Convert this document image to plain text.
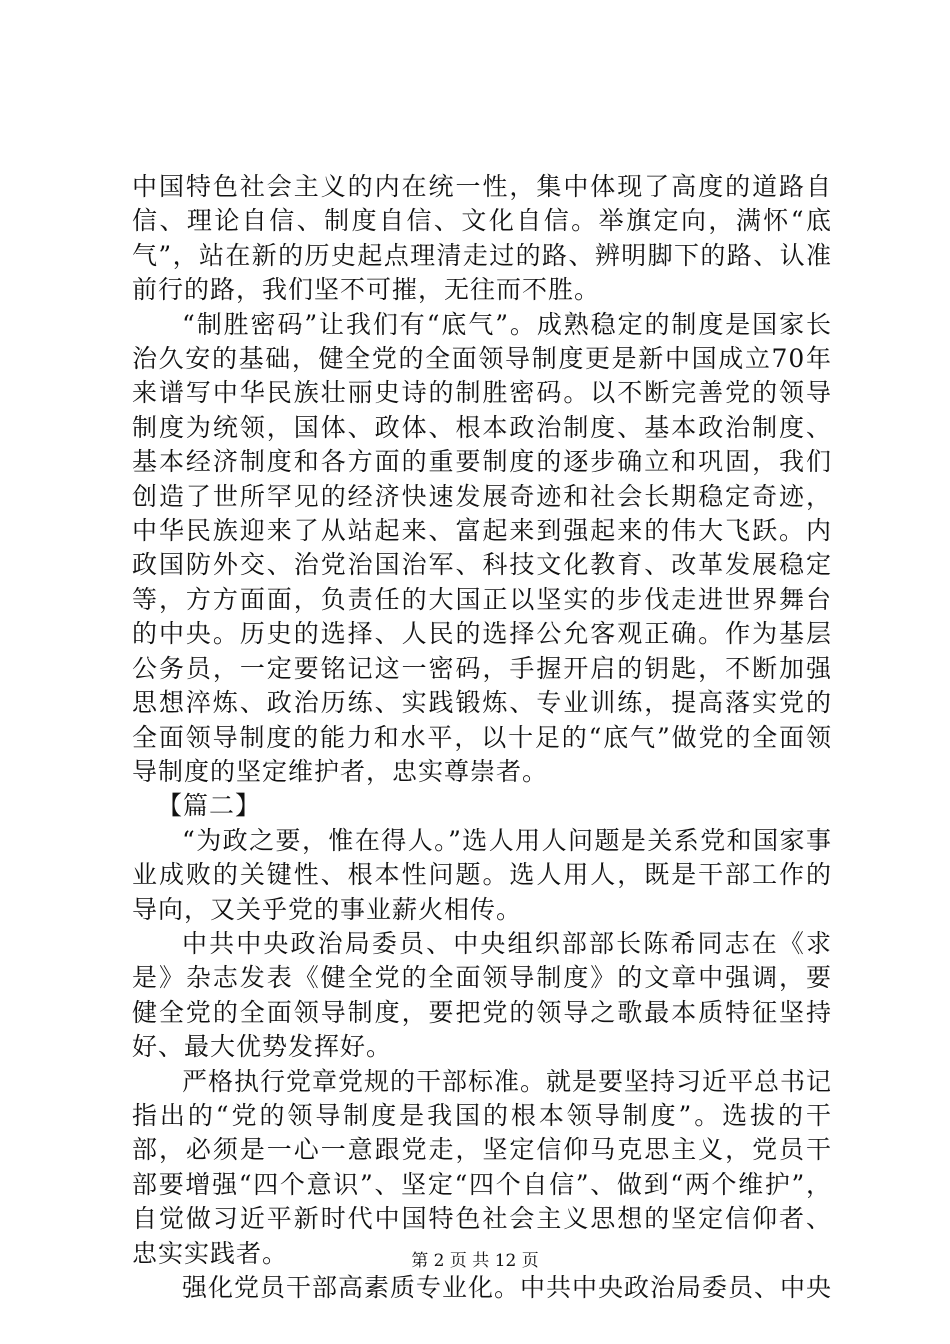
中国特色社会主义的内在统一性，集中体现了高度的道路自信、理论自信、制度自信、文化自信。举旗定向，满怀“底气”，站在新的历史起点理清走过的路、辨明脚下的路、认准前行的路，我们坚不可摧，无往而不胜。

“制胜密码”让我们有“底气”。成熟稳定的制度是国家长治久安的基础，健全党的全面领导制度更是新中国成立70年来谱写中华民族壮丽史诗的制胜密码。以不断完善党的领导制度为统领，国体、政体、根本政治制度、基本政治制度、基本经济制度和各方面的重要制度的逐步确立和巩固，我们创造了世所罕见的经济快速发展奇迹和社会长期稳定奇迹，中华民族迎来了从站起来、富起来到强起来的伟大飞跃。内政国防外交、治党治国治军、科技文化教育、改革发展稳定等，方方面面，负责任的大国正以坚实的步伐走进世界舞台的中央。历史的选择、人民的选择公允客观正确。作为基层公务员，一定要铭记这一密码，手握开启的钥匙，不断加强思想淬炼、政治历练、实践锻炼、专业训练，提高落实党的全面领导制度的能力和水平，以十足的“底气”做党的全面领导制度的坚定维护者，忠实尊崇者。

【篇二】

“为政之要，惟在得人。”选人用人问题是关系党和国家事业成败的关键性、根本性问题。选人用人，既是干部工作的导向，又关乎党的事业薪火相传。

中共中央政治局委员、中央组织部部长陈希同志在《求是》杂志发表《健全党的全面领导制度》的文章中强调，要健全党的全面领导制度，要把党的领导之歌最本质特征坚持好、最大优势发挥好。

严格执行党章党规的干部标准。就是要坚持习近平总书记指出的“党的领导制度是我国的根本领导制度”。选拔的干部，必须是一心一意跟党走，坚定信仰马克思主义，党员干部要增强“四个意识”、坚定“四个自信”、做到“两个维护”，自觉做习近平新时代中国特色社会主义思想的坚定信仰者、忠实实践者。

强化党员干部高素质专业化。中共中央政治局委员、中央

第 2 页 共 12 页
